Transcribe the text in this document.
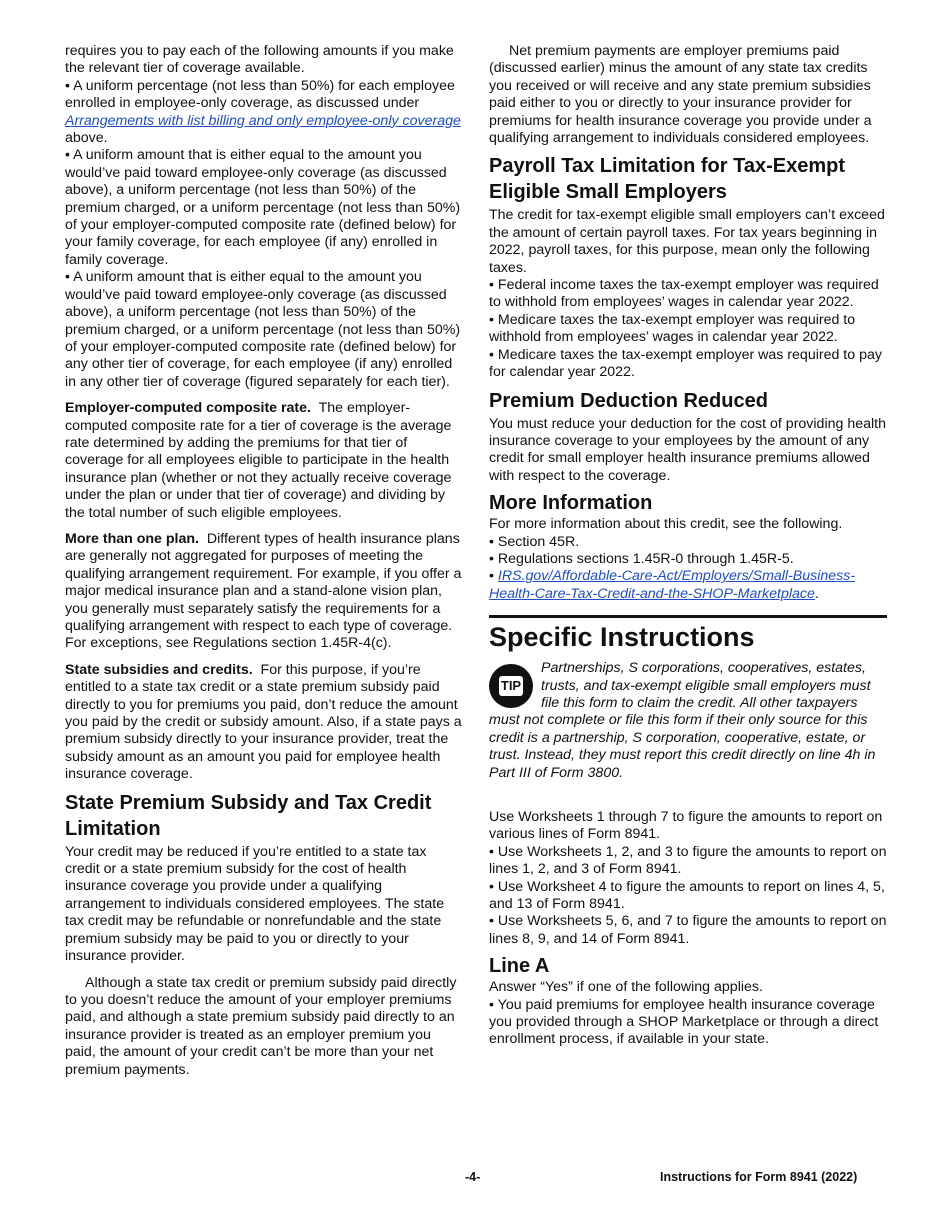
requires you to pay each of the following amounts if you make the relevant tier of coverage available.

• A uniform percentage (not less than 50%) for each employee enrolled in employee-only coverage, as discussed under Arrangements with list billing and only employee-only coverage above.

• A uniform amount that is either equal to the amount you would’ve paid toward employee-only coverage (as discussed above), a uniform percentage (not less than 50%) of the premium charged, or a uniform percentage (not less than 50%) of your employer-computed composite rate (defined below) for your family coverage, for each employee (if any) enrolled in family coverage.

• A uniform amount that is either equal to the amount you would’ve paid toward employee-only coverage (as discussed above), a uniform percentage (not less than 50%) of the premium charged, or a uniform percentage (not less than 50%) of your employer-computed composite rate (defined below) for any other tier of coverage, for each employee (if any) enrolled in any other tier of coverage (figured separately for each tier).

Employer-computed composite rate. The employer-computed composite rate for a tier of coverage is the average rate determined by adding the premiums for that tier of coverage for all employees eligible to participate in the health insurance plan (whether or not they actually receive coverage under the plan or under that tier of coverage) and dividing by the total number of such eligible employees.

More than one plan. Different types of health insurance plans are generally not aggregated for purposes of meeting the qualifying arrangement requirement. For example, if you offer a major medical insurance plan and a stand-alone vision plan, you generally must separately satisfy the requirements for a qualifying arrangement with respect to each type of coverage. For exceptions, see Regulations section 1.45R-4(c).

State subsidies and credits. For this purpose, if you’re entitled to a state tax credit or a state premium subsidy paid directly to you for premiums you paid, don’t reduce the amount you paid by the credit or subsidy amount. Also, if a state pays a premium subsidy directly to your insurance provider, treat the subsidy amount as an amount you paid for employee health insurance coverage.

State Premium Subsidy and Tax Credit Limitation

Your credit may be reduced if you’re entitled to a state tax credit or a state premium subsidy for the cost of health insurance coverage you provide under a qualifying arrangement to individuals considered employees. The state tax credit may be refundable or nonrefundable and the state premium subsidy may be paid to you or directly to your insurance provider.

Although a state tax credit or premium subsidy paid directly to you doesn’t reduce the amount of your employer premiums paid, and although a state premium subsidy paid directly to an insurance provider is treated as an employer premium you paid, the amount of your credit can’t be more than your net premium payments.

Net premium payments are employer premiums paid (discussed earlier) minus the amount of any state tax credits you received or will receive and any state premium subsidies paid either to you or directly to your insurance provider for premiums for health insurance coverage you provide under a qualifying arrangement to individuals considered employees.

Payroll Tax Limitation for Tax-Exempt Eligible Small Employers

The credit for tax-exempt eligible small employers can’t exceed the amount of certain payroll taxes. For tax years beginning in 2022, payroll taxes, for this purpose, mean only the following taxes.

• Federal income taxes the tax-exempt employer was required to withhold from employees’ wages in calendar year 2022.

• Medicare taxes the tax-exempt employer was required to withhold from employees’ wages in calendar year 2022.

• Medicare taxes the tax-exempt employer was required to pay for calendar year 2022.

Premium Deduction Reduced

You must reduce your deduction for the cost of providing health insurance coverage to your employees by the amount of any credit for small employer health insurance premiums allowed with respect to the coverage.

More Information

For more information about this credit, see the following.

• Section 45R.

• Regulations sections 1.45R-0 through 1.45R-5.

• IRS.gov/Affordable-Care-Act/Employers/Small-Business-Health-Care-Tax-Credit-and-the-SHOP-Marketplace.

Specific Instructions
TIP

Partnerships, S corporations, cooperatives, estates, trusts, and tax-exempt eligible small employers must file this form to claim the credit. All other taxpayers must not complete or file this form if their only source for this credit is a partnership, S corporation, cooperative, estate, or trust. Instead, they must report this credit directly on line 4h in Part III of Form 3800.

Use Worksheets 1 through 7 to figure the amounts to report on various lines of Form 8941.

• Use Worksheets 1, 2, and 3 to figure the amounts to report on lines 1, 2, and 3 of Form 8941.

• Use Worksheet 4 to figure the amounts to report on lines 4, 5, and 13 of Form 8941.

• Use Worksheets 5, 6, and 7 to figure the amounts to report on lines 8, 9, and 14 of Form 8941.

Line A

Answer “Yes” if one of the following applies.

• You paid premiums for employee health insurance coverage you provided through a SHOP Marketplace or through a direct enrollment process, if available in your state.

-4-	Instructions for Form 8941 (2022)
